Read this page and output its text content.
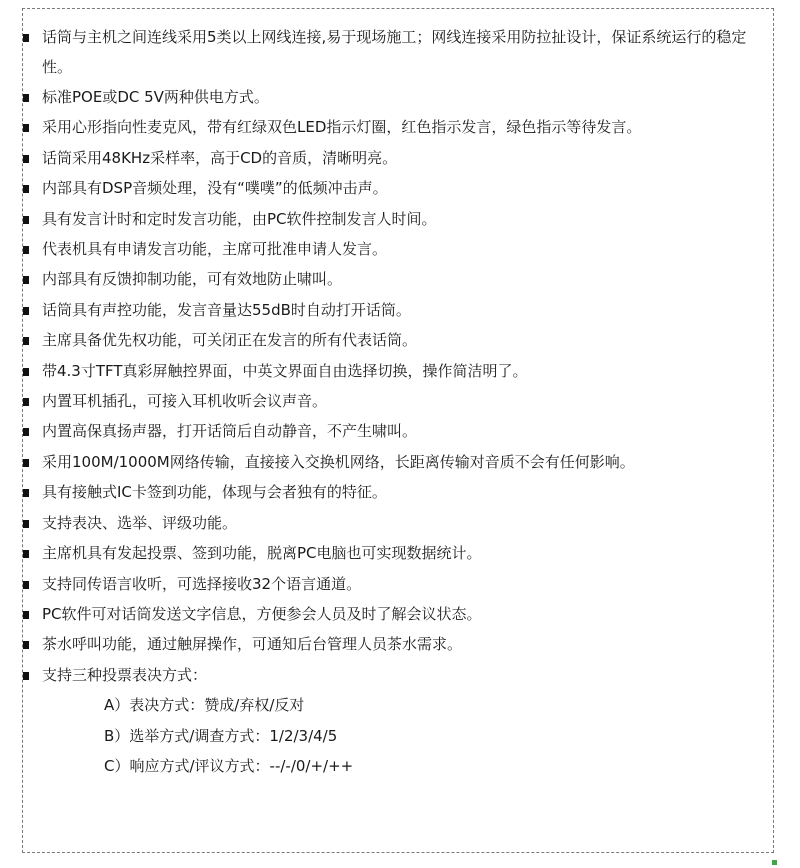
话筒与主机之间连线采用5类以上网线连接,易于现场施工；网线连接采用防拉扯设计，保证系统运行的稳定性。
标准POE或DC 5V两种供电方式。
采用心形指向性麦克风，带有红绿双色LED指示灯圈，红色指示发言，绿色指示等待发言。
话筒采用48KHz采样率，高于CD的音质，清晰明亮。
内部具有DSP音频处理，没有“噗噗”的低频冲击声。
具有发言计时和定时发言功能，由PC软件控制发言人时间。
代表机具有申请发言功能，主席可批准申请人发言。
内部具有反馈抑制功能，可有效地防止啸叫。
话筒具有声控功能，发言音量达55dB时自动打开话筒。
主席具备优先权功能，可关闭正在发言的所有代表话筒。
带4.3寸TFT真彩屏触控界面，中英文界面自由选择切换，操作简洁明了。
内置耳机插孔，可接入耳机收听会议声音。
内置高保真扬声器，打开话筒后自动静音，不产生啸叫。
采用100M/1000M网络传输，直接接入交换机网络，长距离传输对音质不会有任何影响。
具有接触式IC卡签到功能，体现与会者独有的特征。
支持表决、选举、评级功能。
主席机具有发起投票、签到功能，脱离PC电脑也可实现数据统计。
支持同传语言收听，可选择接收32个语言通道。
PC软件可对话筒发送文字信息，方便参会人员及时了解会议状态。
茶水呼叫功能，通过触屏操作，可通知后台管理人员茶水需求。
支持三种投票表决方式：
A）表决方式：赞成/弃权/反对
B）选举方式/调查方式：1/2/3/4/5
C）响应方式/评议方式：--/-/0/+/++
